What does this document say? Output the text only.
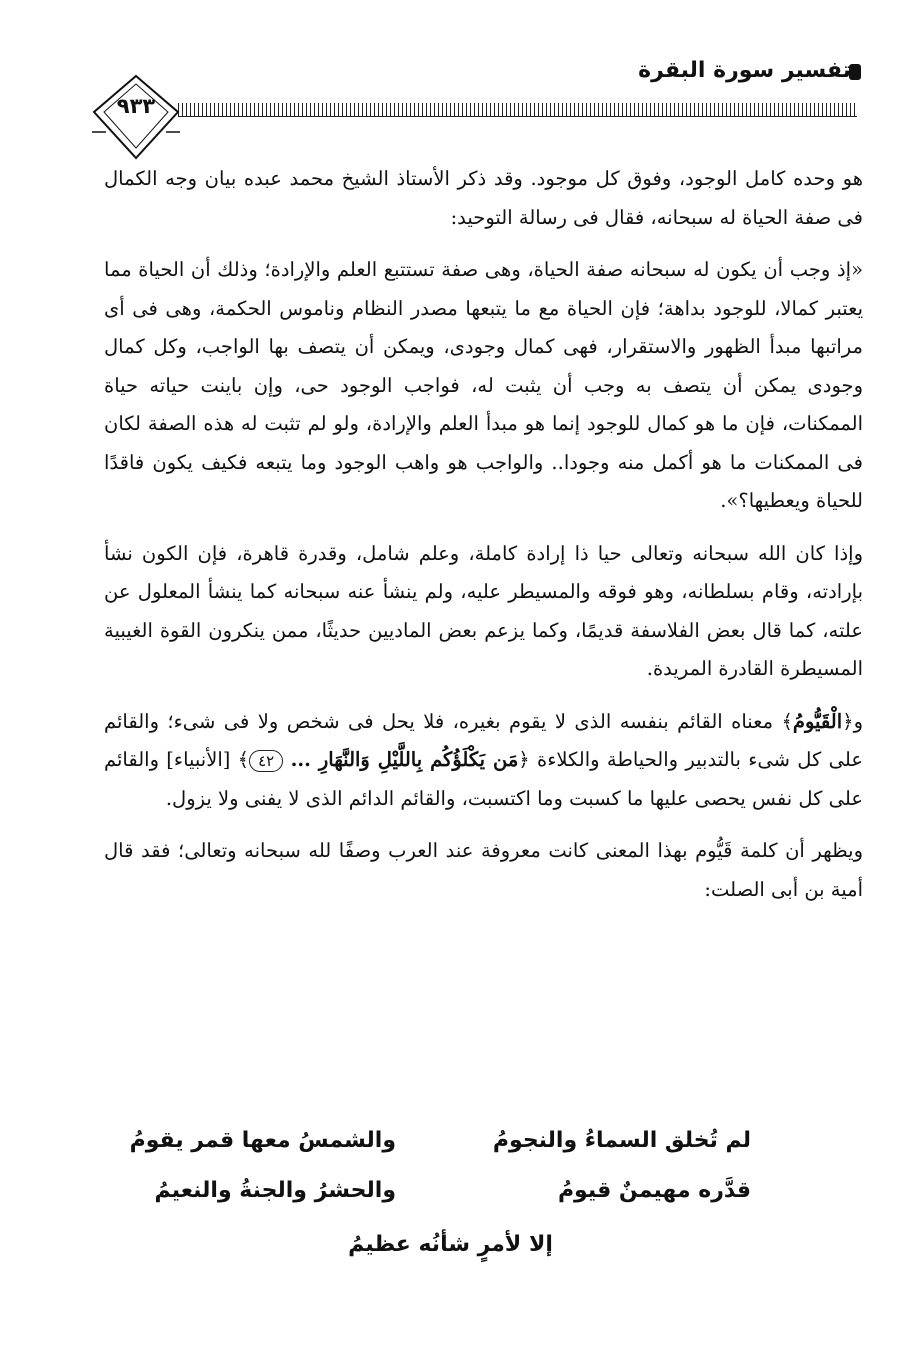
تفسير سورة البقرة
٩٣٣

هو وحده كامل الوجود، وفوق كل موجود. وقد ذكر الأستاذ الشيخ محمد عبده بيان وجه الكمال فى صفة الحياة له سبحانه، فقال فى رسالة التوحيد:

«إذ وجب أن يكون له سبحانه صفة الحياة، وهى صفة تستتبع العلم والإرادة؛ وذلك أن الحياة مما يعتبر كمالا، للوجود بداهة؛ فإن الحياة مع ما يتبعها مصدر النظام وناموس الحكمة، وهى فى أى مراتبها مبدأ الظهور والاستقرار، فهى كمال وجودى، ويمكن أن يتصف بها الواجب، وكل كمال وجودى يمكن أن يتصف به وجب أن يثبت له، فواجب الوجود حى، وإن باينت حياته حياة الممكنات، فإن ما هو كمال للوجود إنما هو مبدأ العلم والإرادة، ولو لم تثبت له هذه الصفة لكان فى الممكنات ما هو أكمل منه وجودا.. والواجب هو واهب الوجود وما يتبعه فكيف يكون فاقدًا للحياة ويعطيها؟».

وإذا كان الله سبحانه وتعالى حيا ذا إرادة كاملة، وعلم شامل، وقدرة قاهرة، فإن الكون نشأ بإرادته، وقام بسلطانه، وهو فوقه والمسيطر عليه، ولم ينشأ عنه سبحانه كما ينشأ المعلول عن علته، كما قال بعض الفلاسفة قديمًا، وكما يزعم بعض الماديين حديثًا، ممن ينكرون القوة الغيبية المسيطرة القادرة المريدة.

و﴿الْقَيُّومُ﴾ معناه القائم بنفسه الذى لا يقوم بغيره، فلا يحل فى شخص ولا فى شىء؛ والقائم على كل شىء بالتدبير والحياطة والكلاءة ﴿مَن يَكْلَؤُكُم بِاللَّيْلِ وَالنَّهَارِ ... ٤٢﴾ [الأنبياء] والقائم على كل نفس يحصى عليها ما كسبت وما اكتسبت، والقائم الدائم الذى لا يفنى ولا يزول.

ويظهر أن كلمة قَيُّوم بهذا المعنى كانت معروفة عند العرب وصفًا لله سبحانه وتعالى؛ فقد قال أمية بن أبى الصلت:

لم تُخلق السماءُ والنجومُ
والشمسُ معها قمر يقومُ
قدَّره مهيمنٌ قيومُ
والحشرُ والجنةُ والنعيمُ
إلا لأمرٍ شأنُه عظيمُ
